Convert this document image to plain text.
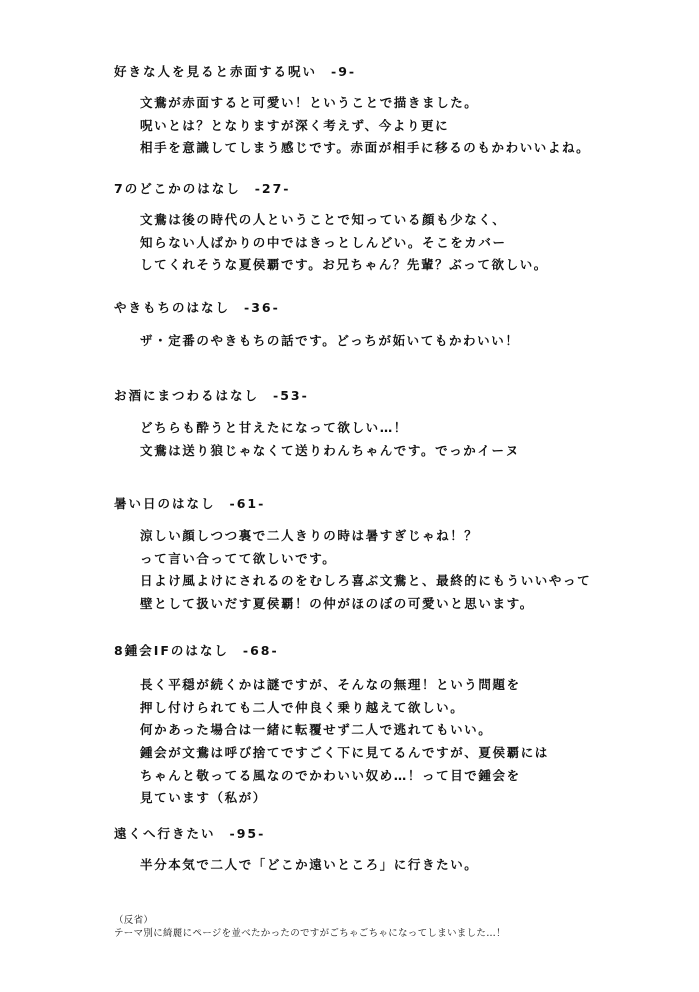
好きな人を見ると赤面する呪い -9-
文鴦が赤面すると可愛い！ということで描きました。
呪いとは？となりますが深く考えず、今より更に
相手を意識してしまう感じです。赤面が相手に移るのもかわいいよね。
7のどこかのはなし -27-
文鴦は後の時代の人ということで知っている顔も少なく、
知らない人ばかりの中ではきっとしんどい。そこをカバー
してくれそうな夏侯覇です。お兄ちゃん？先輩？ぶって欲しい。
やきもちのはなし -36-
ザ・定番のやきもちの話です。どっちが妬いてもかわいい！
お酒にまつわるはなし -53-
どちらも酔うと甘えたになって欲しい…！
文鴦は送り狼じゃなくて送りわんちゃんです。でっかイーヌ
暑い日のはなし -61-
涼しい顔しつつ裏で二人きりの時は暑すぎじゃね！？
って言い合ってて欲しいです。
日よけ風よけにされるのをむしろ喜ぶ文鴦と、最終的にもういいやって
壁として扱いだす夏侯覇！の仲がほのぼの可愛いと思います。
8鍾会IFのはなし -68-
長く平穏が続くかは謎ですが、そんなの無理！という問題を
押し付けられても二人で仲良く乗り越えて欲しい。
何かあった場合は一緒に転覆せず二人で逃れてもいい。
鍾会が文鴦は呼び捨てですごく下に見てるんですが、夏侯覇には
ちゃんと敬ってる風なのでかわいい奴め…！って目で鍾会を
見ています（私が）
遠くへ行きたい -95-
半分本気で二人で「どこか遠いところ」に行きたい。
（反省）
テーマ別に綺麗にページを並べたかったのですがごちゃごちゃになってしまいました…！
